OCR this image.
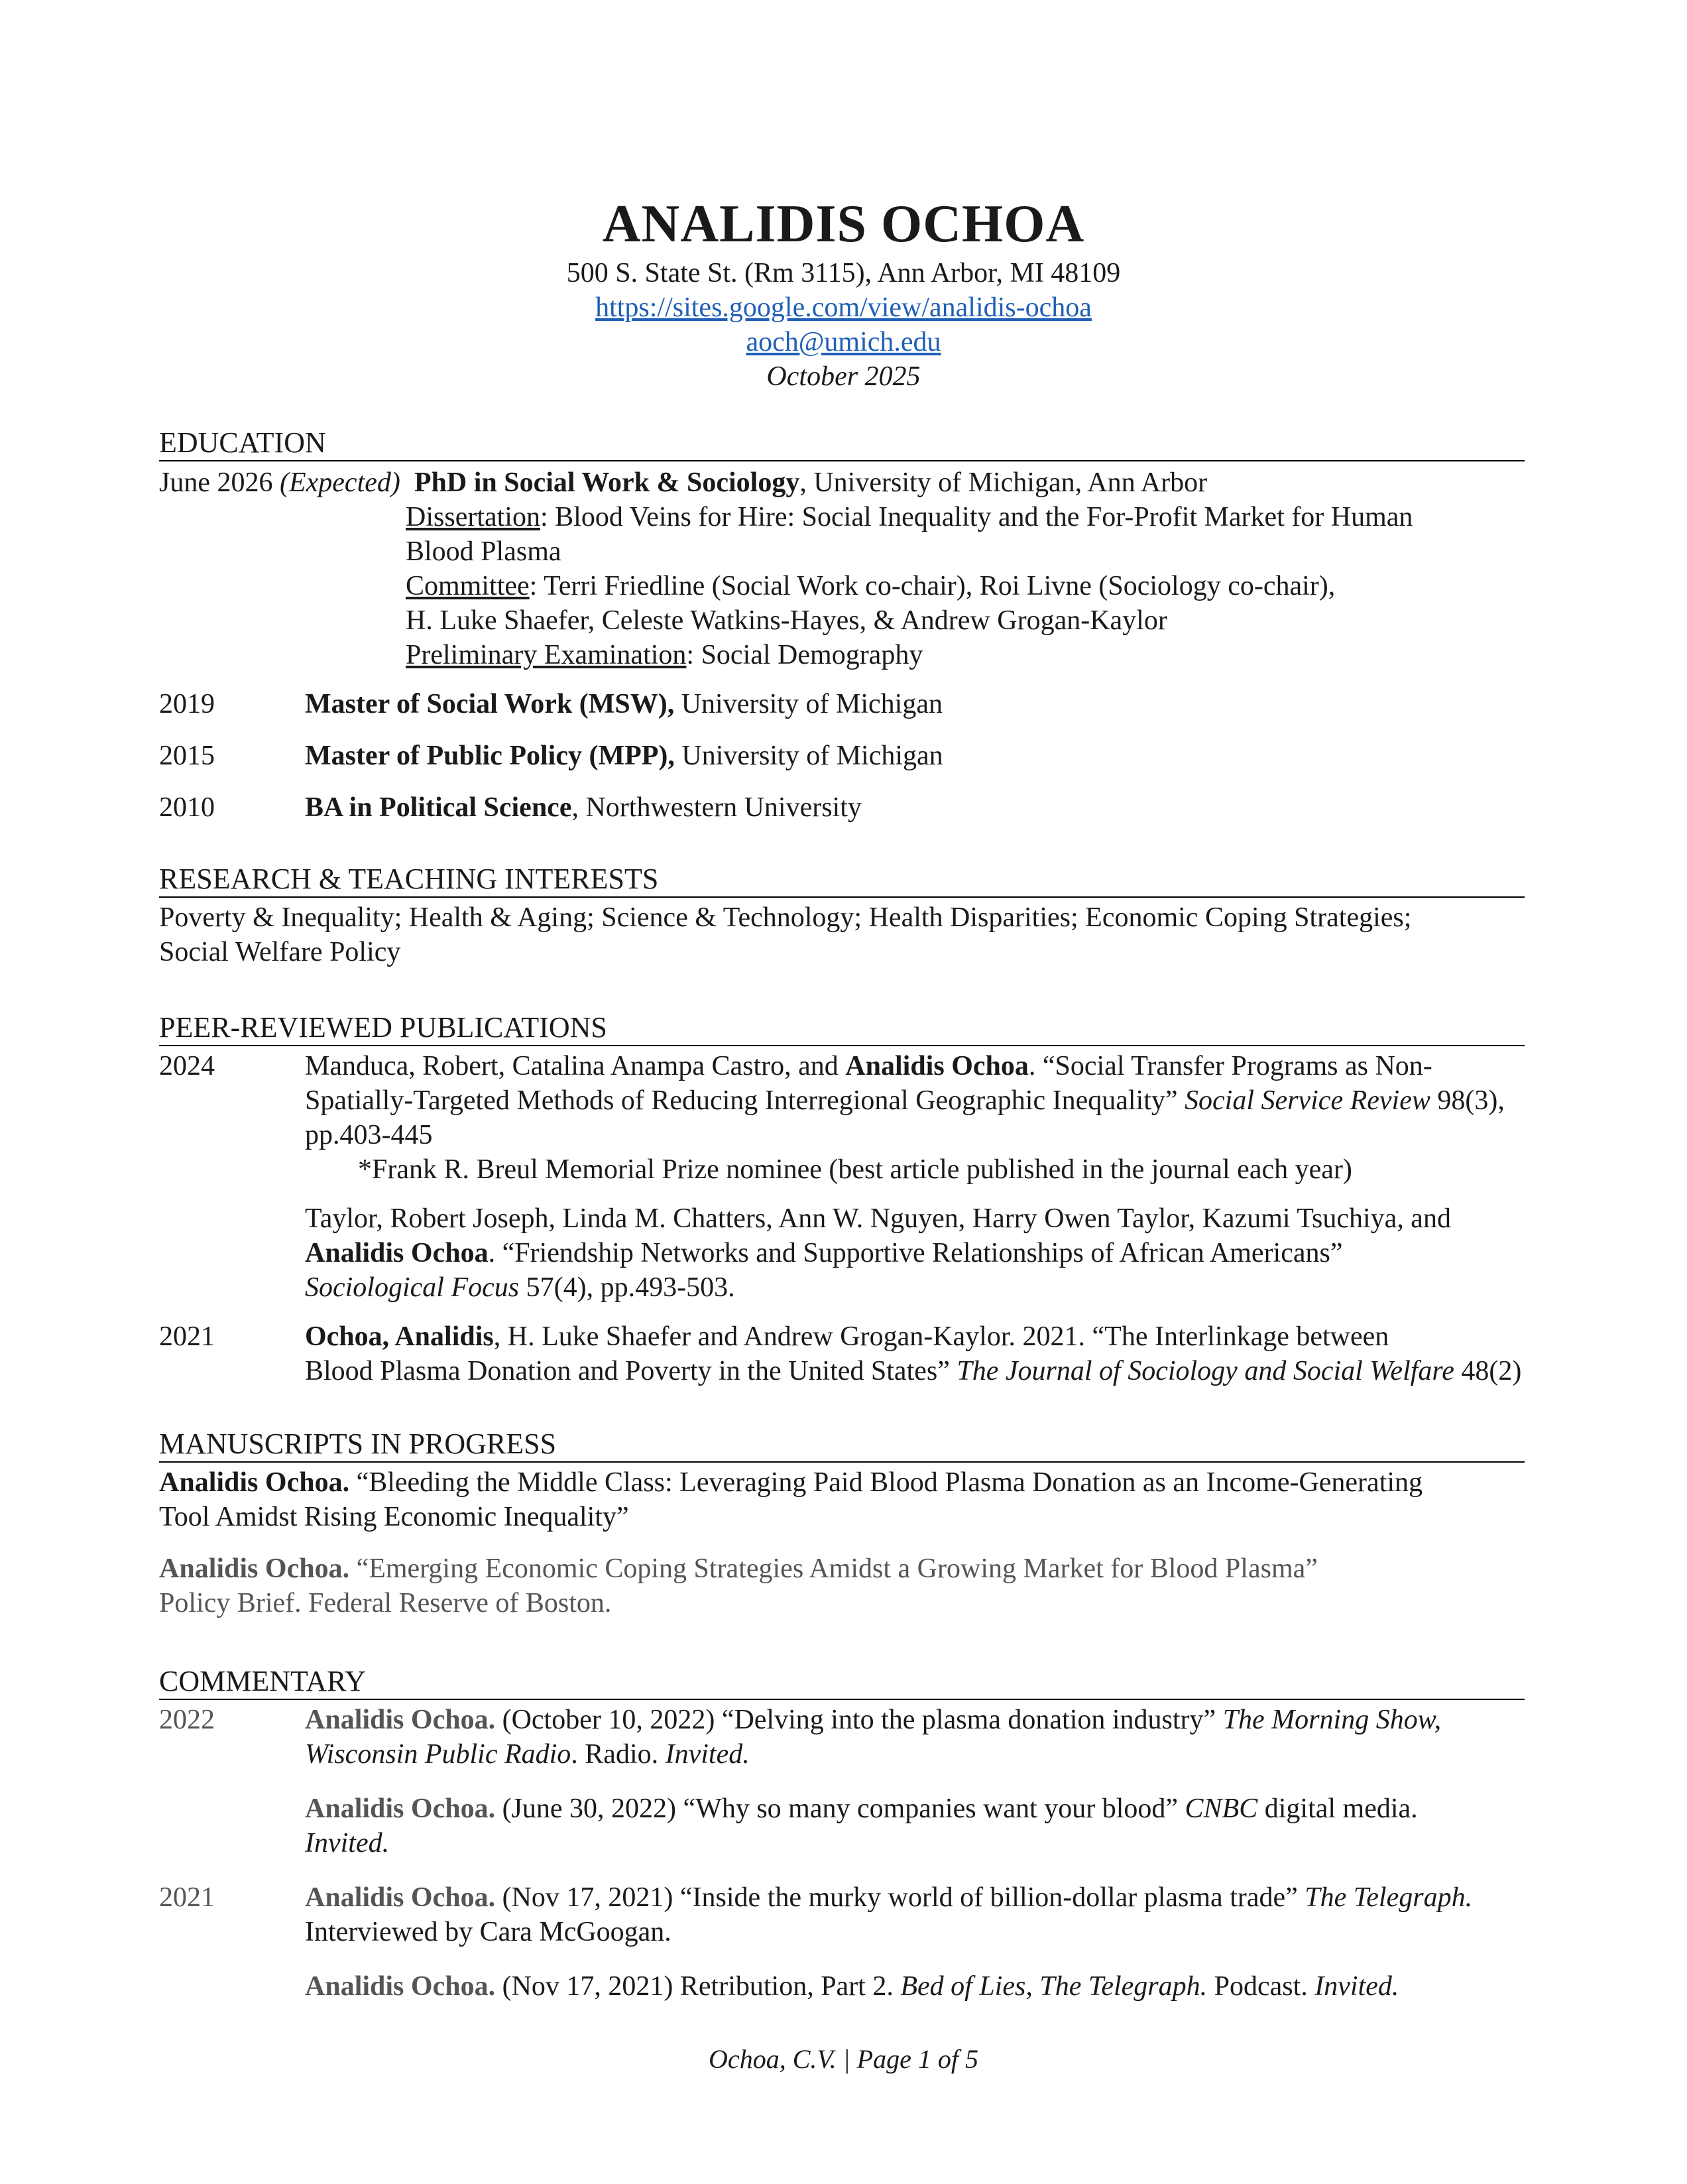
ANALIDIS OCHOA
500 S. State St. (Rm 3115), Ann Arbor, MI 48109
https://sites.google.com/view/analidis-ochoa
aoch@umich.edu
October 2025
EDUCATION
June 2026 (Expected) PhD in Social Work & Sociology, University of Michigan, Ann Arbor
Dissertation: Blood Veins for Hire: Social Inequality and the For-Profit Market for Human
Blood Plasma
Committee: Terri Friedline (Social Work co-chair), Roi Livne (Sociology co-chair),
H. Luke Shaefer, Celeste Watkins-Hayes, & Andrew Grogan-Kaylor
Preliminary Examination: Social Demography
2019	Master of Social Work (MSW), University of Michigan
2015	Master of Public Policy (MPP), University of Michigan
2010	BA in Political Science, Northwestern University
RESEARCH & TEACHING INTERESTS
Poverty & Inequality; Health & Aging; Science & Technology; Health Disparities; Economic Coping Strategies;
Social Welfare Policy
PEER-REVIEWED PUBLICATIONS
2024	Manduca, Robert, Catalina Anampa Castro, and Analidis Ochoa. “Social Transfer Programs as Non-
Spatially-Targeted Methods of Reducing Interregional Geographic Inequality” Social Service Review 98(3),
pp.403-445
*Frank R. Breul Memorial Prize nominee (best article published in the journal each year)
Taylor, Robert Joseph, Linda M. Chatters, Ann W. Nguyen, Harry Owen Taylor, Kazumi Tsuchiya, and
Analidis Ochoa. “Friendship Networks and Supportive Relationships of African Americans”
Sociological Focus 57(4), pp.493-503.
2021	Ochoa, Analidis, H. Luke Shaefer and Andrew Grogan-Kaylor. 2021. “The Interlinkage between
Blood Plasma Donation and Poverty in the United States” The Journal of Sociology and Social Welfare 48(2)
MANUSCRIPTS IN PROGRESS
Analidis Ochoa. “Bleeding the Middle Class: Leveraging Paid Blood Plasma Donation as an Income-Generating
Tool Amidst Rising Economic Inequality”
Analidis Ochoa. “Emerging Economic Coping Strategies Amidst a Growing Market for Blood Plasma”
Policy Brief. Federal Reserve of Boston.
COMMENTARY
2022	Analidis Ochoa. (October 10, 2022) “Delving into the plasma donation industry” The Morning Show,
Wisconsin Public Radio. Radio. Invited.
Analidis Ochoa. (June 30, 2022) “Why so many companies want your blood” CNBC digital media.
Invited.
2021	Analidis Ochoa. (Nov 17, 2021) “Inside the murky world of billion-dollar plasma trade” The Telegraph.
Interviewed by Cara McGoogan.
Analidis Ochoa. (Nov 17, 2021) Retribution, Part 2. Bed of Lies, The Telegraph. Podcast. Invited.
Ochoa, C.V. | Page 1 of 5
